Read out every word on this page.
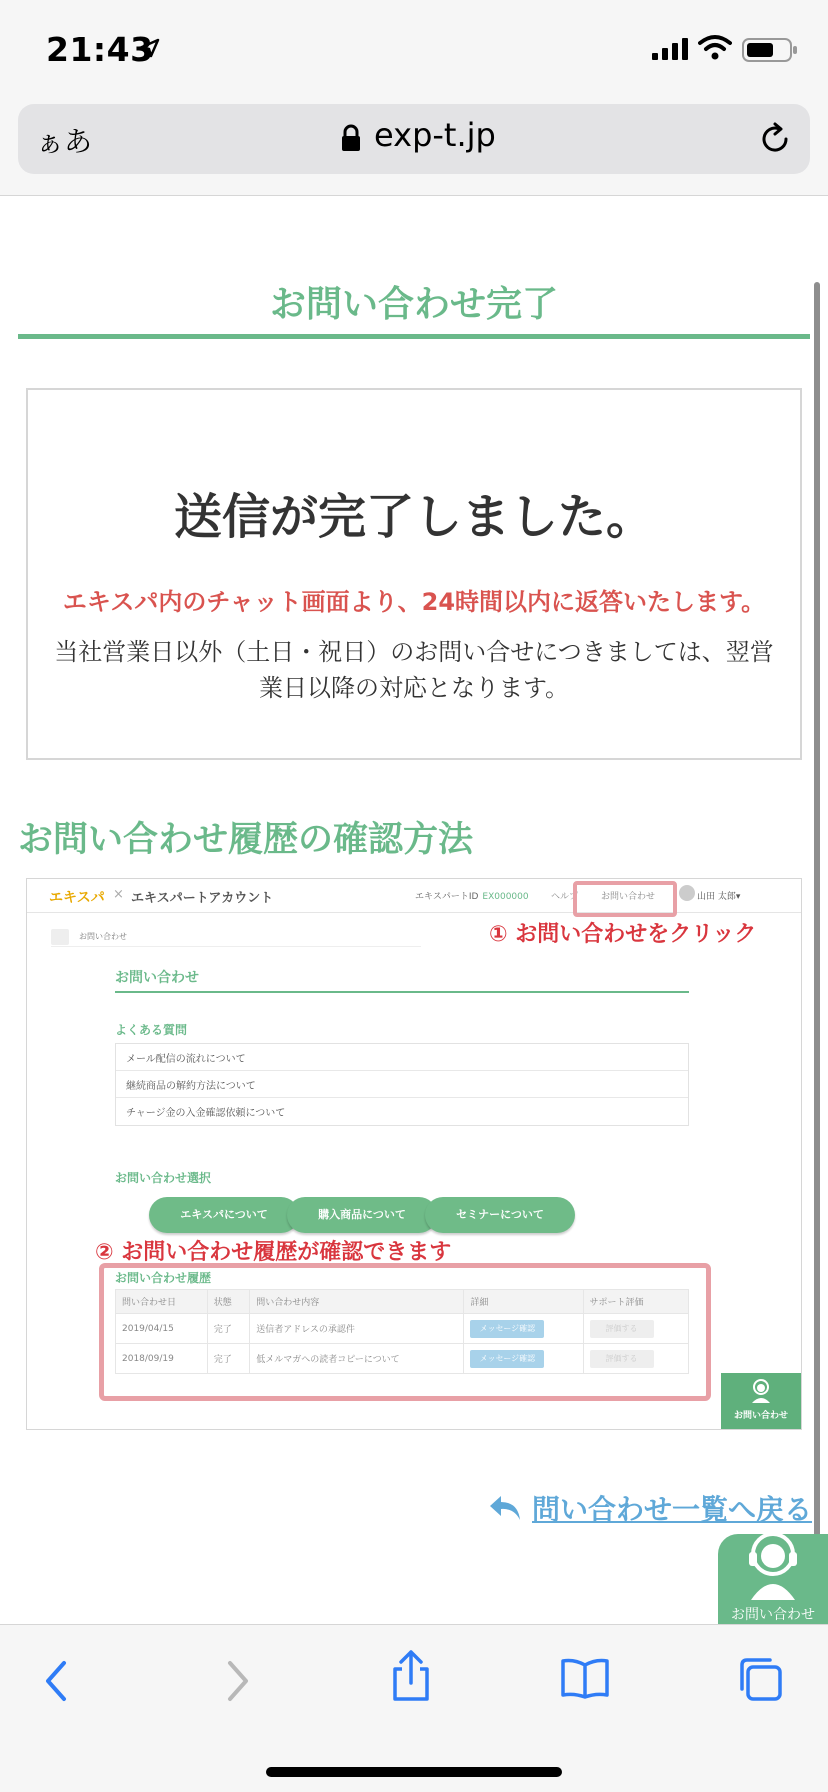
21:43
ぁあ	exp-t.jp
お問い合わせ完了
送信が完了しました。
エキスパ内のチャット画面より、24時間以内に返答いたします。
当社営業日以外（土日・祝日）のお問い合せにつきましては、翌営業日以降の対応となります。
お問い合わせ履歴の確認方法
エキスパ × エキスパートアカウント	エキスパートID EX000000 ヘルプ	お問い合わせ	山田 太郎▾
お問い合わせ	① お問い合わせをクリック
お問い合わせ
よくある質問
メール配信の流れについて
継続商品の解約方法について
チャージ金の入金確認依頼について
お問い合わせ選択
エキスパについて	購入商品について	セミナーについて
② お問い合わせ履歴が確認できます
お問い合わせ履歴
問い合わせ日	状態	問い合わせ内容	詳細	サポート評価
2019/04/15	完了	送信者アドレスの承認件	メッセージ確認	評価する
2018/09/19	完了	低メルマガへの読者コピーについて	メッセージ確認	評価する
お問い合わせ
問い合わせ一覧へ戻る
お問い合わせ
